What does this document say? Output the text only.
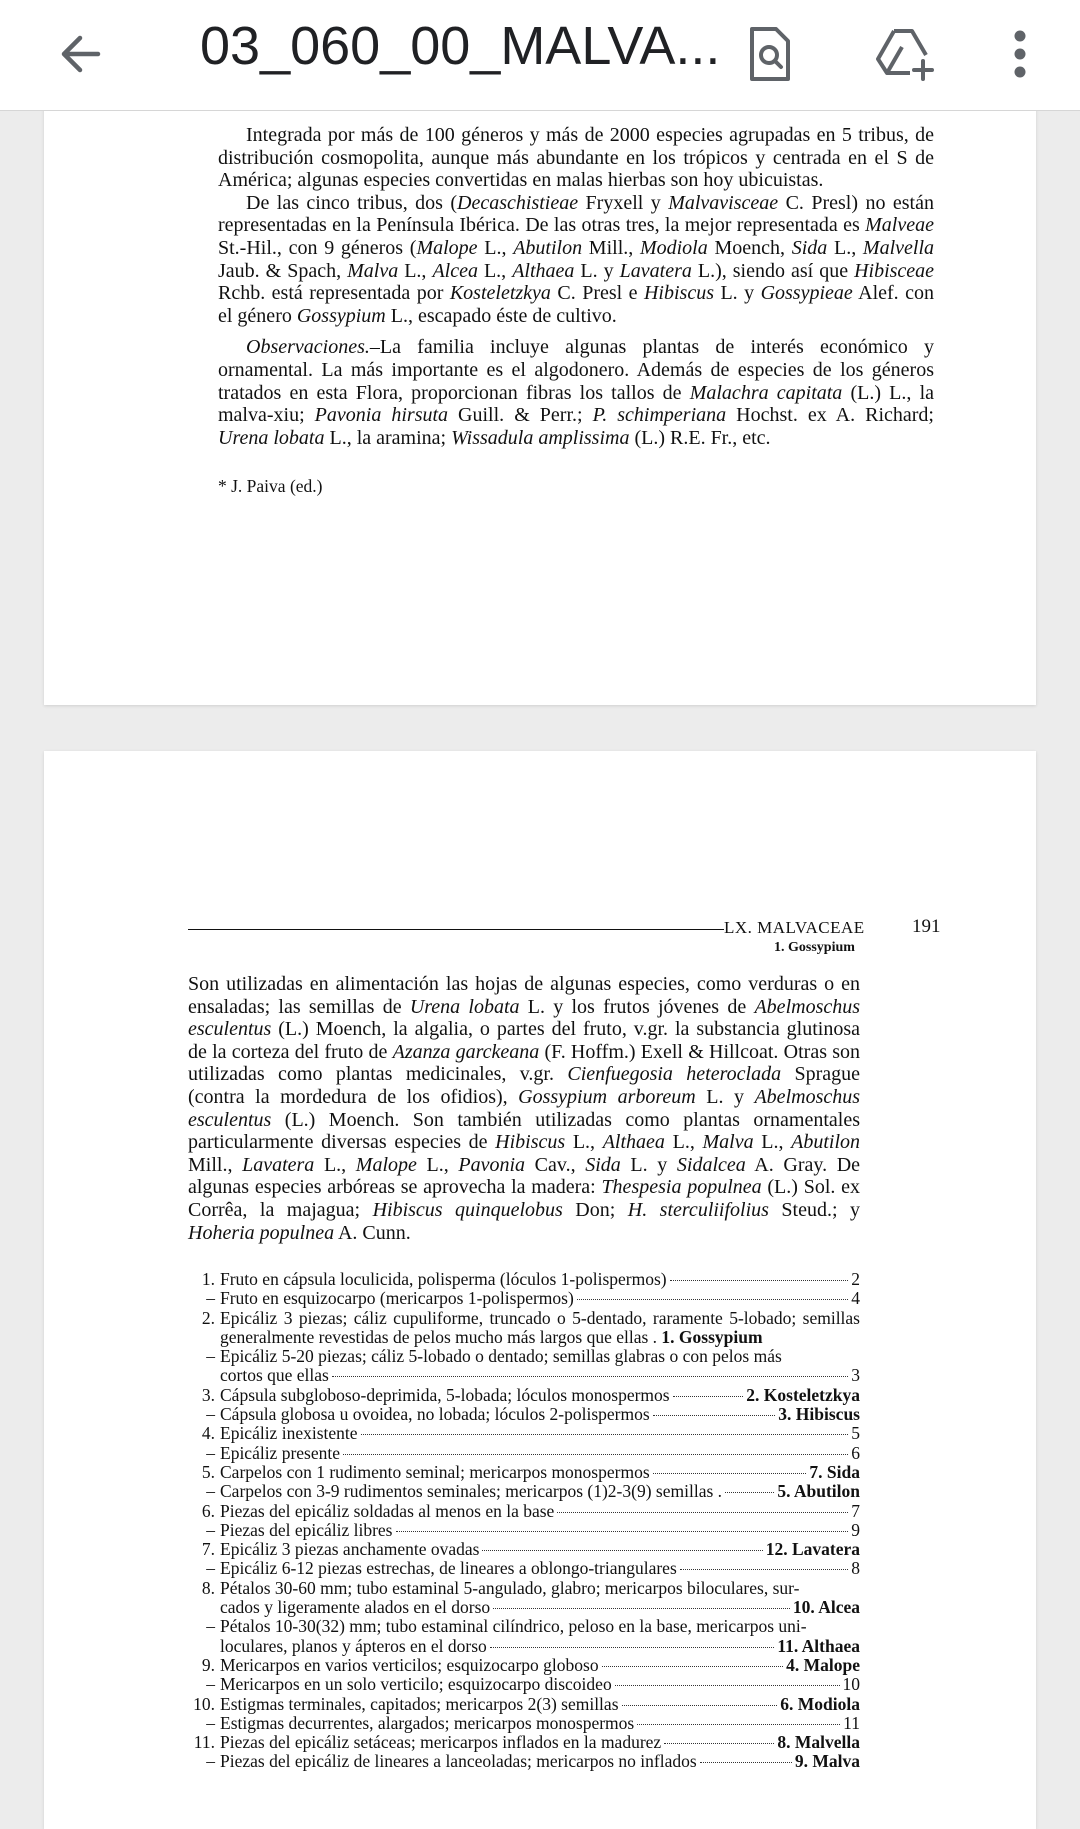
03_060_00_MALVA...

Integrada por más de 100 géneros y más de 2000 especies agrupadas en 5 tribus, de distribución cosmopolita, aunque más abundante en los trópicos y centrada en el S de América; algunas especies convertidas en malas hierbas son hoy ubicuistas.

De las cinco tribus, dos (Decaschistieae Fryxell y Malvaviscеae C. Presl) no están representadas en la Península Ibérica. De las otras tres, la mejor representada es Malveae St.-Hil., con 9 géneros (Malope L., Abutilon Mill., Modiola Moench, Sida L., Malvella Jaub. & Spach, Malva L., Alcea L., Althaea L. y Lavatera L.), siendo así que Hibisceae Rchb. está representada por Kosteletzkya C. Presl e Hibiscus L. y Gossypieae Alef. con el género Gossypium L., escapado éste de cultivo.

Observaciones.–La familia incluye algunas plantas de interés económico y ornamental. La más importante es el algodonero. Además de especies de los géneros tratados en esta Flora, proporcionan fibras los tallos de Malachra capitata (L.) L., la malva-xiu; Pavonia hirsuta Guill. & Perr.; P. schimperiana Hochst. ex A. Richard; Urena lobata L., la aramina; Wissadula amplissima (L.) R.E. Fr., etc.

* J. Paiva (ed.)

LX. MALVACEAE 191
1. Gossypium

Son utilizadas en alimentación las hojas de algunas especies, como verduras o en ensaladas; las semillas de Urena lobata L. y los frutos jóvenes de Abelmoschus esculentus (L.) Moench, la algalia, o partes del fruto, v.gr. la substancia glutinosa de la corteza del fruto de Azanza garckeana (F. Hoffm.) Exell & Hillcoat. Otras son utilizadas como plantas medicinales, v.gr. Cienfuegosia heteroclada Sprague (contra la mordedura de los ofidios), Gossypium arboreum L. y Abelmoschus esculentus (L.) Moench. Son también utilizadas como plantas ornamentales particularmente diversas especies de Hibiscus L., Althaea L., Malva L., Abutilon Mill., Lavatera L., Malope L., Pavonia Cav., Sida L. y Sidalcea A. Gray. De algunas especies arbóreas se aprovecha la madera: Thespesia populnea (L.) Sol. ex Corrêa, la majagua; Hibiscus quinquelobus Don; H. sterculiifolius Steud.; y Hoheria populnea A. Cunn.

1. Fruto en cápsula loculicida, polisperma (lóculos 1-polispermos)	2
– Fruto en esquizocarpo (mericarpos 1-polispermos)	4
2. Epicáliz 3 piezas; cáliz cupuliforme, truncado o 5-dentado, raramente 5-lobado; semillas generalmente revestidas de pelos mucho más largos que ellas . 1. Gossypium
– Epicáliz 5-20 piezas; cáliz 5-lobado o dentado; semillas glabras o con pelos más
cortos que ellas	3
3. Cápsula subgloboso-deprimida, 5-lobada; lóculos monospermos	2. Kosteletzkya
– Cápsula globosa u ovoidea, no lobada; lóculos 2-polispermos	3. Hibiscus
4. Epicáliz inexistente	5
– Epicáliz presente	6
5. Carpelos con 1 rudimento seminal; mericarpos monospermos	7. Sida
– Carpelos con 3-9 rudimentos seminales; mericarpos (1)2-3(9) semillas .	5. Abutilon
6. Piezas del epicáliz soldadas al menos en la base	7
– Piezas del epicáliz libres	9
7. Epicáliz 3 piezas anchamente ovadas	12. Lavatera
– Epicáliz 6-12 piezas estrechas, de lineares a oblongo-triangulares	8
8. Pétalos 30-60 mm; tubo estaminal 5-angulado, glabro; mericarpos biloculares, sur-
cados y ligeramente alados en el dorso	10. Alcea
– Pétalos 10-30(32) mm; tubo estaminal cilíndrico, peloso en la base, mericarpos uni-
loculares, planos y ápteros en el dorso	11. Althaea
9. Mericarpos en varios verticilos; esquizocarpo globoso	4. Malope
– Mericarpos en un solo verticilo; esquizocarpo discoideo	10
10. Estigmas terminales, capitados; mericarpos 2(3) semillas	6. Modiola
– Estigmas decurrentes, alargados; mericarpos monospermos	11
11. Piezas del epicáliz setáceas; mericarpos inflados en la madurez	8. Malvella
– Piezas del epicáliz de lineares a lanceoladas; mericarpos no inflados	9. Malva
